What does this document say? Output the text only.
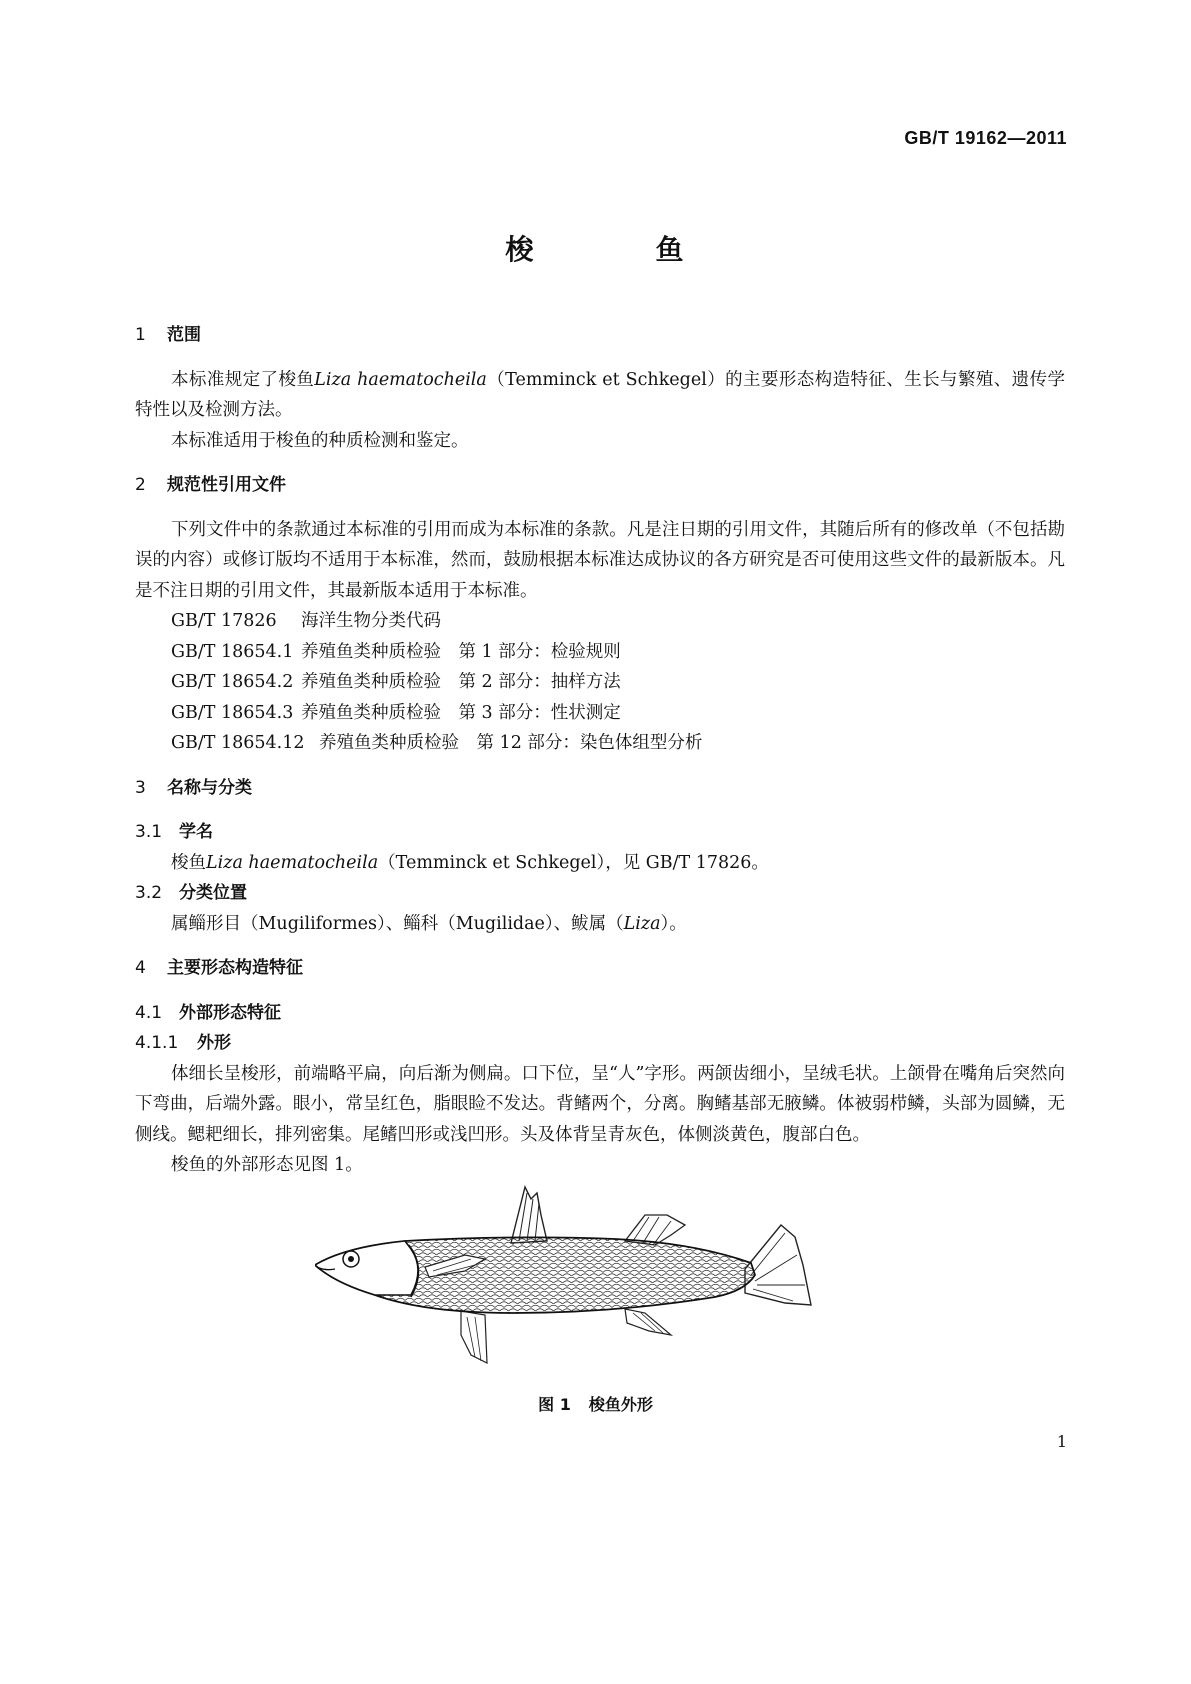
GB/T 19162—2011
梭	鱼

1 范围

本标准规定了梭鱼Liza haematocheila（Temminck et Schkegel）的主要形态构造特征、生长与繁殖、遗传学特性以及检测方法。

本标准适用于梭鱼的种质检测和鉴定。

2 规范性引用文件

下列文件中的条款通过本标准的引用而成为本标准的条款。凡是注日期的引用文件，其随后所有的修改单（不包括勘误的内容）或修订版均不适用于本标准，然而，鼓励根据本标准达成协议的各方研究是否可使用这些文件的最新版本。凡是不注日期的引用文件，其最新版本适用于本标准。

GB/T 17826 海洋生物分类代码

GB/T 18654.1 养殖鱼类种质检验　第 1 部分：检验规则

GB/T 18654.2 养殖鱼类种质检验　第 2 部分：抽样方法

GB/T 18654.3 养殖鱼类种质检验　第 3 部分：性状测定

GB/T 18654.12 养殖鱼类种质检验　第 12 部分：染色体组型分析

3 名称与分类

3.1 学名

梭鱼Liza haematocheila（Temminck et Schkegel），见 GB/T 17826。

3.2 分类位置

属鲻形目（Mugiliformes）、鲻科（Mugilidae）、鲅属（Liza）。

4 主要形态构造特征

4.1 外部形态特征

4.1.1 外形

体细长呈梭形，前端略平扁，向后渐为侧扁。口下位，呈“人”字形。两颌齿细小，呈绒毛状。上颌骨在嘴角后突然向下弯曲，后端外露。眼小，常呈红色，脂眼睑不发达。背鳍两个，分离。胸鳍基部无腋鳞。体被弱栉鳞，头部为圆鳞，无侧线。鳃耙细长，排列密集。尾鳍凹形或浅凹形。头及体背呈青灰色，体侧淡黄色，腹部白色。

梭鱼的外部形态见图 1。

图 1 梭鱼外形
1
